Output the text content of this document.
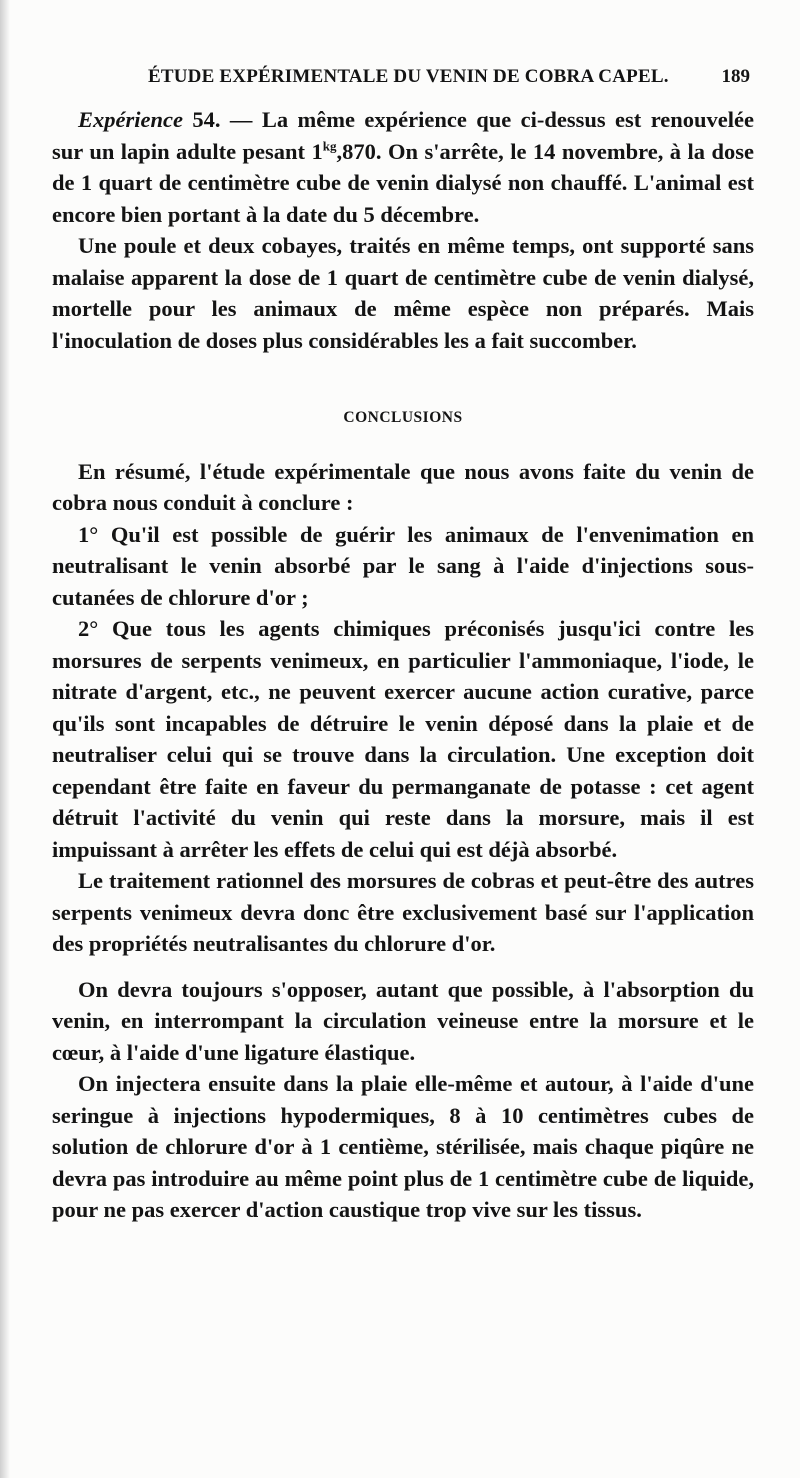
ÉTUDE EXPÉRIMENTALE DU VENIN DE COBRA CAPEL.	189

Expérience 54. — La même expérience que ci-dessus est renouvelée sur un lapin adulte pesant $1^{kg},870$. On s'arrête, le 14 novembre, à la dose de 1 quart de centimètre cube de venin dialysé non chauffé. L'animal est encore bien portant à la date du 5 décembre.

Une poule et deux cobayes, traités en même temps, ont supporté sans malaise apparent la dose de 1 quart de centimètre cube de venin dialysé, mortelle pour les animaux de même espèce non préparés. Mais l'inoculation de doses plus considérables les a fait succomber.

CONCLUSIONS

En résumé, l'étude expérimentale que nous avons faite du venin de cobra nous conduit à conclure :

1° Qu'il est possible de guérir les animaux de l'envenimation en neutralisant le venin absorbé par le sang à l'aide d'injections sous-cutanées de chlorure d'or ;

2° Que tous les agents chimiques préconisés jusqu'ici contre les morsures de serpents venimeux, en particulier l'ammoniaque, l'iode, le nitrate d'argent, etc., ne peuvent exercer aucune action curative, parce qu'ils sont incapables de détruire le venin déposé dans la plaie et de neutraliser celui qui se trouve dans la circulation. Une exception doit cependant être faite en faveur du permanganate de potasse : cet agent détruit l'activité du venin qui reste dans la morsure, mais il est impuissant à arrêter les effets de celui qui est déjà absorbé.

Le traitement rationnel des morsures de cobras et peut-être des autres serpents venimeux devra donc être exclusivement basé sur l'application des propriétés neutralisantes du chlorure d'or.

On devra toujours s'opposer, autant que possible, à l'absorption du venin, en interrompant la circulation veineuse entre la morsure et le cœur, à l'aide d'une ligature élastique.

On injectera ensuite dans la plaie elle-même et autour, à l'aide d'une seringue à injections hypodermiques, 8 à 10 centimètres cubes de solution de chlorure d'or à 1 centième, stérilisée, mais chaque piqûre ne devra pas introduire au même point plus de 1 centimètre cube de liquide, pour ne pas exercer d'action caustique trop vive sur les tissus.
